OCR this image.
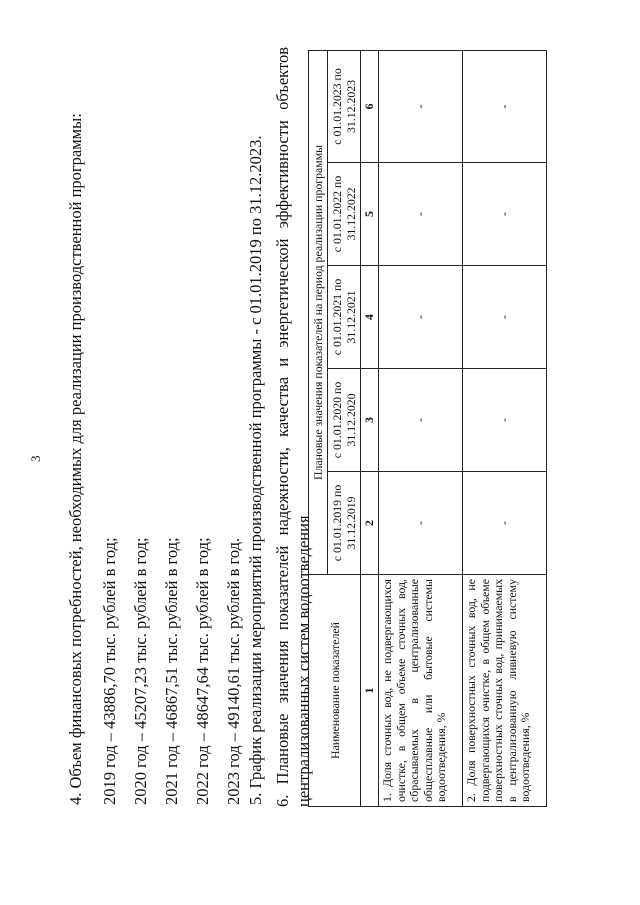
3 4. Объем финансовых потребностей, необходимых для реализации производственной программы: 2019 год – 43886,70 тыс. рублей в год; 2020 год – 45207,23 тыс. рублей в год; 2021 год – 46867,51 тыс. рублей в год; 2022 год – 48647,64 тыс. рублей в год; 2023 год – 49140,61 тыс. рублей в год. 5. График реализации мероприятий производственной программы - с 01.01.2019 по 31.12.2023. 6. Плановые значения показателей надежности, качества и энергетической эффективности объектов централизованных систем водоотведения Наименование показателей	Плановые значения показателей на период реализации программы				
	с 01.01.2019 по 31.12.2019	с 01.01.2020 по 31.12.2020	с 01.01.2021 по 31.12.2021	с 01.01.2022 по 31.12.2022	с 01.01.2023 по 31.12.2023
1	2	3	4	5	6
1. Доля сточных вод, не подвергающихся очистке, в общем объеме сточных вод, сбрасываемых в централизованные общесплавные или бытовые системы водоотведения, %	-	-	-	-	-
2. Доля поверхностных сточных вод, не подвергающихся очистке, в общем объеме поверхностных сточных вод, принимаемых в централизованную ливневую систему водоотведения, %	-	-	-	-	-
